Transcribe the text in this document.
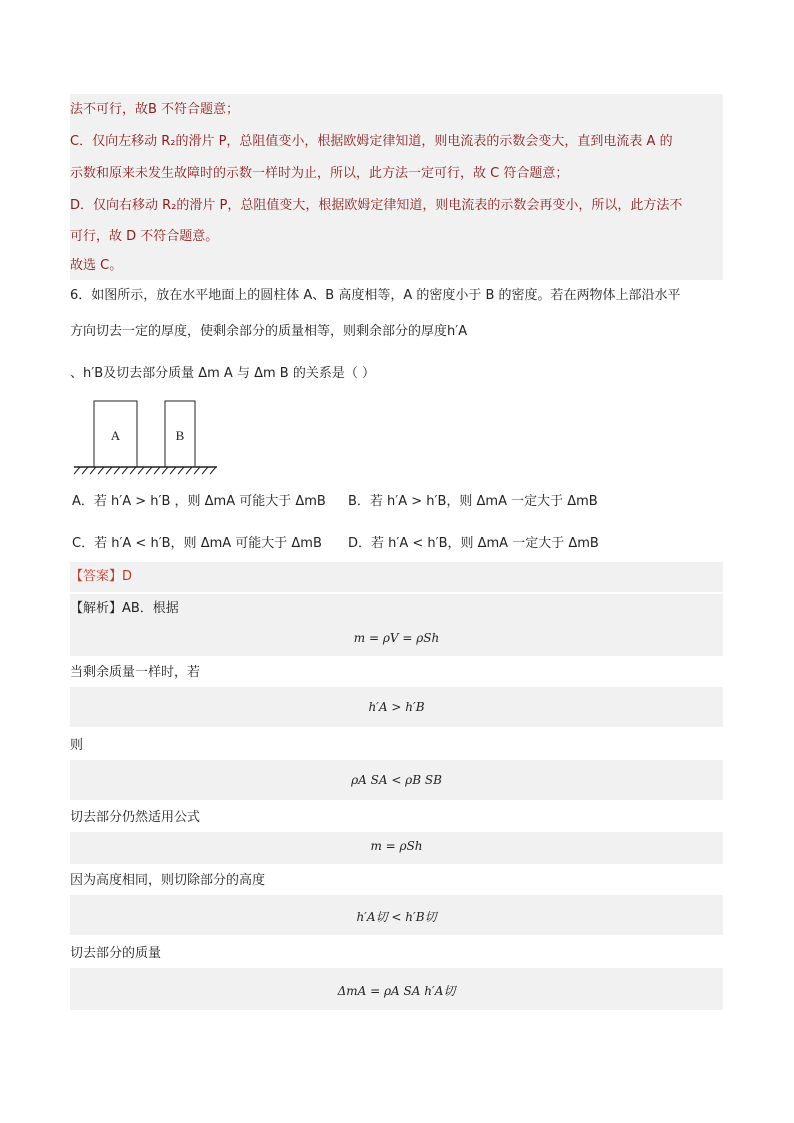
法不可行，故B 不符合题意；
C．仅向左移动 R₂的滑片 P，总阻值变小，根据欧姆定律知道，则电流表的示数会变大，直到电流表 A 的
示数和原来未发生故障时的示数一样时为止，所以，此方法一定可行，故 C 符合题意；
D．仅向右移动 R₂的滑片 P，总阻值变大，根据欧姆定律知道，则电流表的示数会再变小，所以，此方法不
可行，故 D 不符合题意。
故选 C。
6．如图所示，放在水平地面上的圆柱体 A、B 高度相等，A 的密度小于 B 的密度。若在两物体上部沿水平
方向切去一定的厚度，使剩余部分的质量相等，则剩余部分的厚度h′A
、h′B及切去部分质量 Δm A 与 Δm B 的关系是（ ）
A	B
A．若 h′A > h′B ，则 ΔmA 可能大于 ΔmB B．若 h′A > h′B，则 ΔmA 一定大于 ΔmB
C．若 h′A < h′B，则 ΔmA 可能大于 ΔmB D．若 h′A < h′B，则 ΔmA 一定大于 ΔmB
【答案】D
【解析】AB．根据
m = ρV = ρSh
当剩余质量一样时，若
h′A > h′B
则
ρA SA < ρB SB
切去部分仍然适用公式
m = ρSh
因为高度相同，则切除部分的高度
h′A切 < h′B切
切去部分的质量
ΔmA = ρA SA h′A切
